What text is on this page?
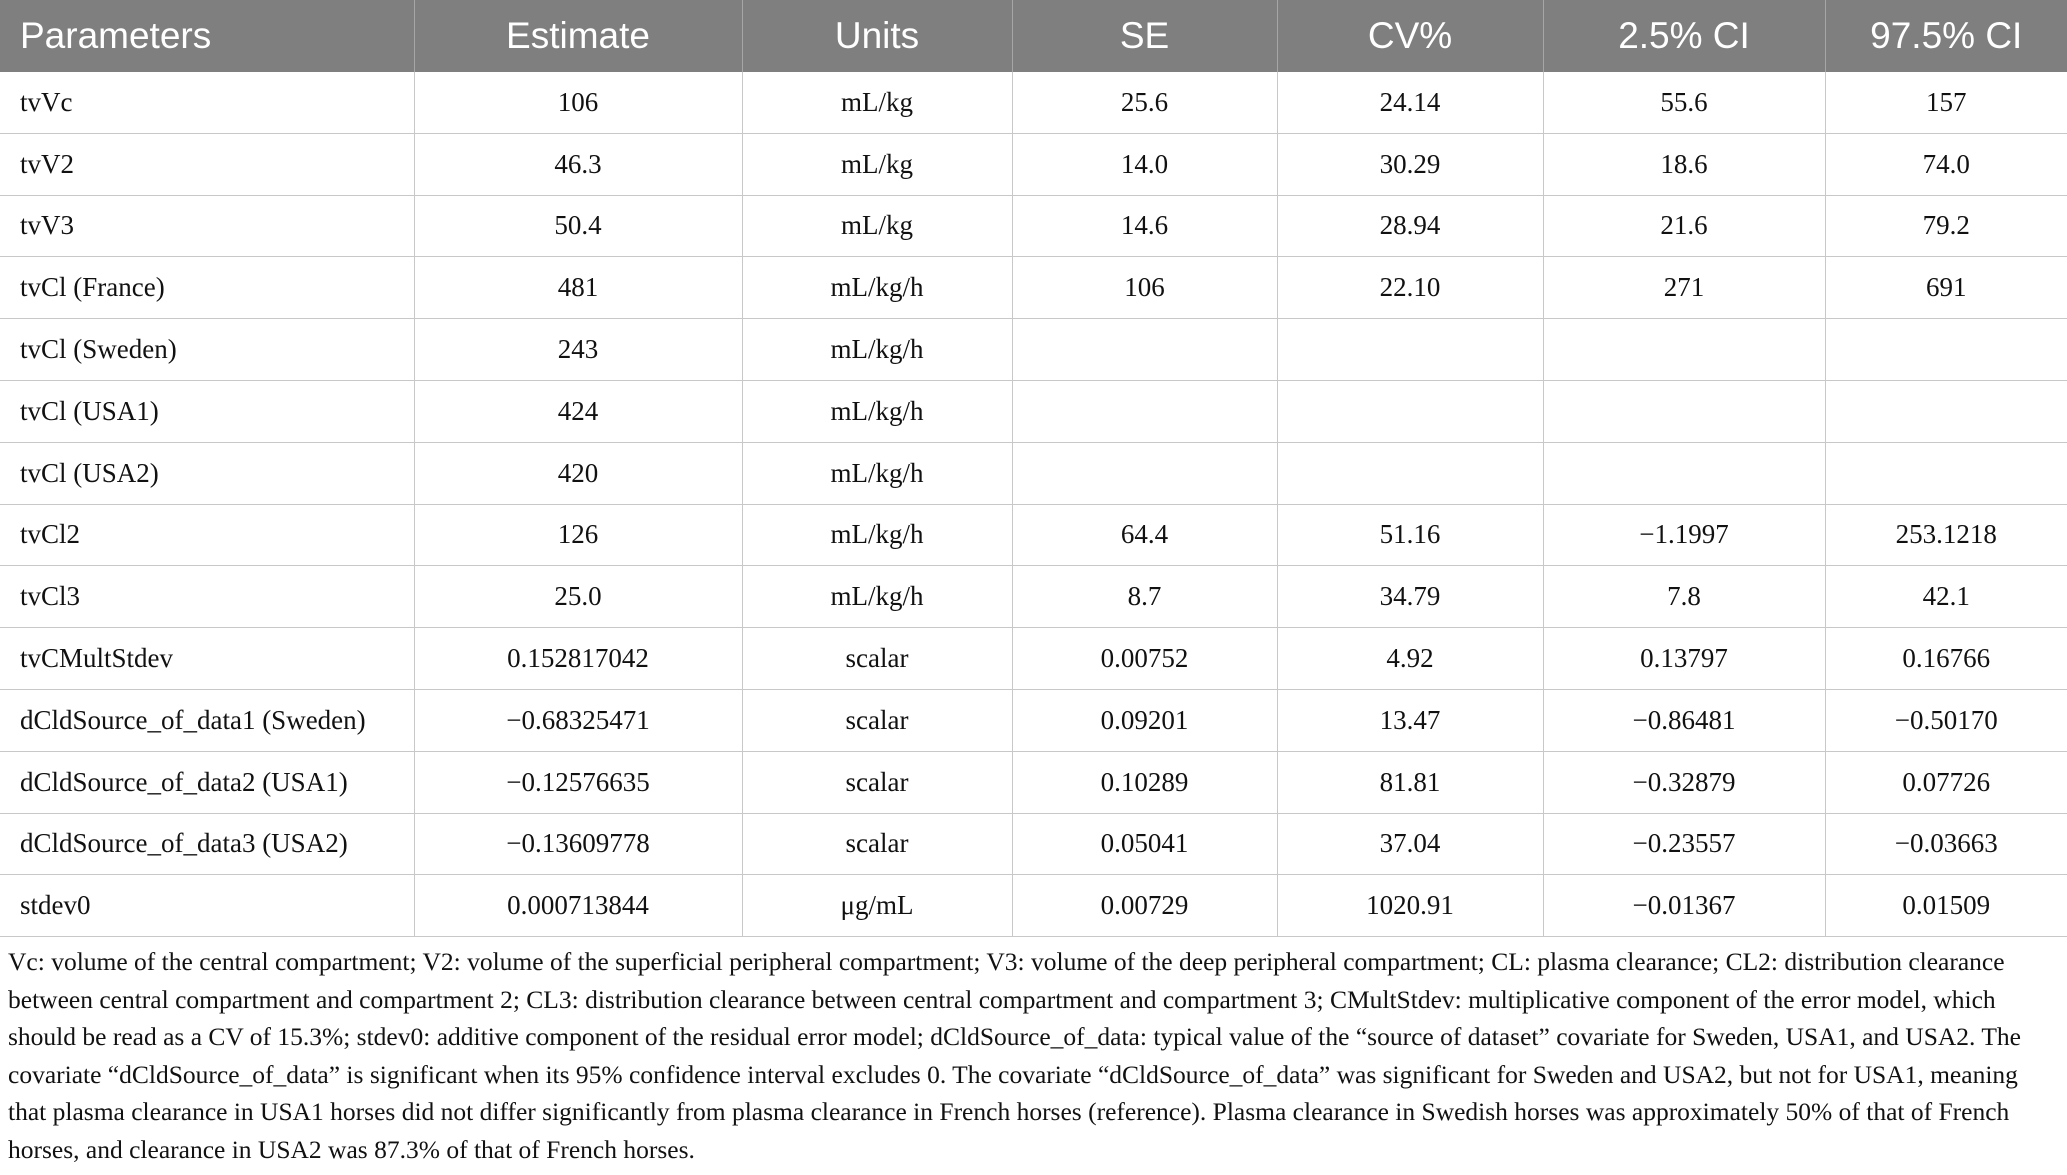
Parameters	Estimate	Units	SE	CV%	2.5% CI	97.5% CI
tvVc	106	mL/kg	25.6	24.14	55.6	157
tvV2	46.3	mL/kg	14.0	30.29	18.6	74.0
tvV3	50.4	mL/kg	14.6	28.94	21.6	79.2
tvCl (France)	481	mL/kg/h	106	22.10	271	691
tvCl (Sweden)	243	mL/kg/h				
tvCl (USA1)	424	mL/kg/h				
tvCl (USA2)	420	mL/kg/h				
tvCl2	126	mL/kg/h	64.4	51.16	−1.1997	253.1218
tvCl3	25.0	mL/kg/h	8.7	34.79	7.8	42.1
tvCMultStdev	0.152817042	scalar	0.00752	4.92	0.13797	0.16766
dCldSource_of_data1 (Sweden)	−0.68325471	scalar	0.09201	13.47	−0.86481	−0.50170
dCldSource_of_data2 (USA1)	−0.12576635	scalar	0.10289	81.81	−0.32879	0.07726
dCldSource_of_data3 (USA2)	−0.13609778	scalar	0.05041	37.04	−0.23557	−0.03663
stdev0	0.000713844	μg/mL	0.00729	1020.91	−0.01367	0.01509

Vc: volume of the central compartment; V2: volume of the superficial peripheral compartment; V3: volume of the deep peripheral compartment; CL: plasma clearance; CL2: distribution clearance between central compartment and compartment 2; CL3: distribution clearance between central compartment and compartment 3; CMultStdev: multiplicative component of the error model, which should be read as a CV of 15.3%; stdev0: additive component of the residual error model; dCldSource_of_data: typical value of the “source of dataset” covariate for Sweden, USA1, and USA2. The covariate “dCldSource_of_data” is significant when its 95% confidence interval excludes 0. The covariate “dCldSource_of_data” was significant for Sweden and USA2, but not for USA1, meaning that plasma clearance in USA1 horses did not differ significantly from plasma clearance in French horses (reference). Plasma clearance in Swedish horses was approximately 50% of that of French horses, and clearance in USA2 was 87.3% of that of French horses.
